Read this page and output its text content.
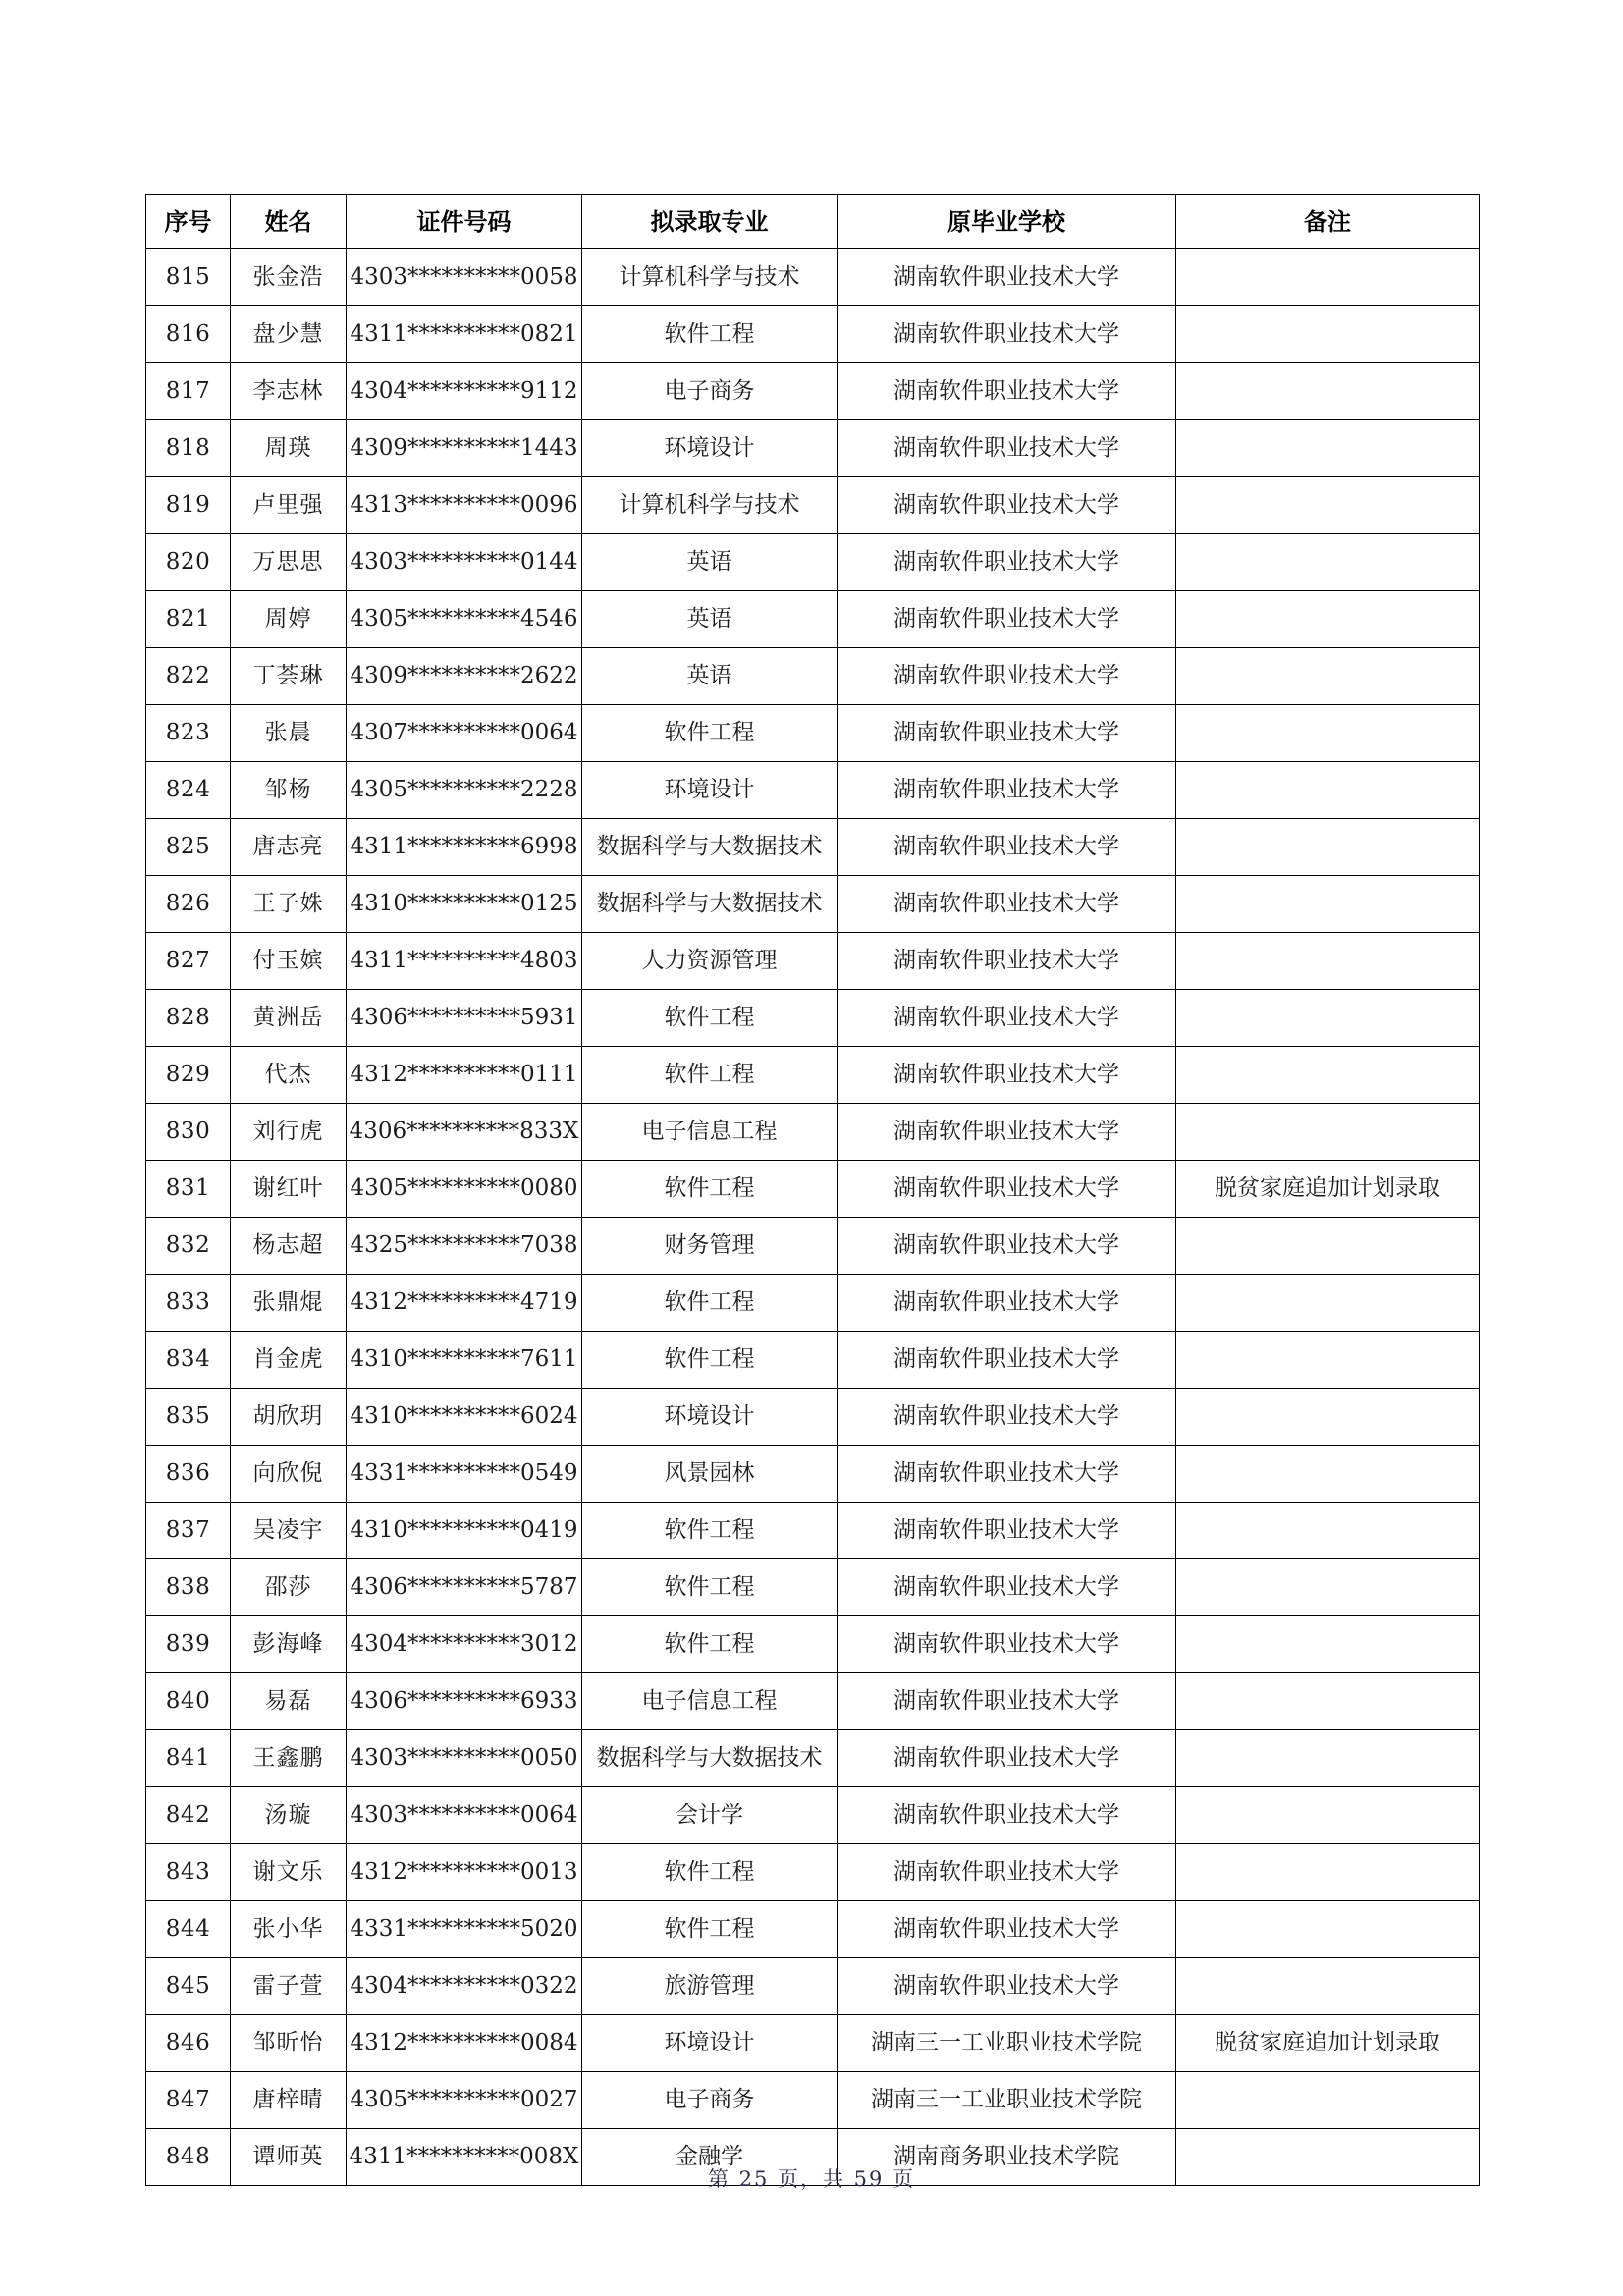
序号	姓名	证件号码	拟录取专业	原毕业学校	备注
815	张金浩	4303**********0058	计算机科学与技术	湖南软件职业技术大学	
816	盘少慧	4311**********0821	软件工程	湖南软件职业技术大学	
817	李志林	4304**********9112	电子商务	湖南软件职业技术大学	
818	周瑛	4309**********1443	环境设计	湖南软件职业技术大学	
819	卢里强	4313**********0096	计算机科学与技术	湖南软件职业技术大学	
820	万思思	4303**********0144	英语	湖南软件职业技术大学	
821	周婷	4305**********4546	英语	湖南软件职业技术大学	
822	丁荟琳	4309**********2622	英语	湖南软件职业技术大学	
823	张晨	4307**********0064	软件工程	湖南软件职业技术大学	
824	邹杨	4305**********2228	环境设计	湖南软件职业技术大学	
825	唐志亮	4311**********6998	数据科学与大数据技术	湖南软件职业技术大学	
826	王子姝	4310**********0125	数据科学与大数据技术	湖南软件职业技术大学	
827	付玉嫔	4311**********4803	人力资源管理	湖南软件职业技术大学	
828	黄洲岳	4306**********5931	软件工程	湖南软件职业技术大学	
829	代杰	4312**********0111	软件工程	湖南软件职业技术大学	
830	刘行虎	4306**********833X	电子信息工程	湖南软件职业技术大学	
831	谢红叶	4305**********0080	软件工程	湖南软件职业技术大学	脱贫家庭追加计划录取
832	杨志超	4325**********7038	财务管理	湖南软件职业技术大学	
833	张鼎焜	4312**********4719	软件工程	湖南软件职业技术大学	
834	肖金虎	4310**********7611	软件工程	湖南软件职业技术大学	
835	胡欣玥	4310**********6024	环境设计	湖南软件职业技术大学	
836	向欣倪	4331**********0549	风景园林	湖南软件职业技术大学	
837	吴凌宇	4310**********0419	软件工程	湖南软件职业技术大学	
838	邵莎	4306**********5787	软件工程	湖南软件职业技术大学	
839	彭海峰	4304**********3012	软件工程	湖南软件职业技术大学	
840	易磊	4306**********6933	电子信息工程	湖南软件职业技术大学	
841	王鑫鹏	4303**********0050	数据科学与大数据技术	湖南软件职业技术大学	
842	汤璇	4303**********0064	会计学	湖南软件职业技术大学	
843	谢文乐	4312**********0013	软件工程	湖南软件职业技术大学	
844	张小华	4331**********5020	软件工程	湖南软件职业技术大学	
845	雷子萱	4304**********0322	旅游管理	湖南软件职业技术大学	
846	邹昕怡	4312**********0084	环境设计	湖南三一工业职业技术学院	脱贫家庭追加计划录取
847	唐梓晴	4305**********0027	电子商务	湖南三一工业职业技术学院	
848	谭师英	4311**********008X	金融学	湖南商务职业技术学院	
第 25 页，共 59 页
